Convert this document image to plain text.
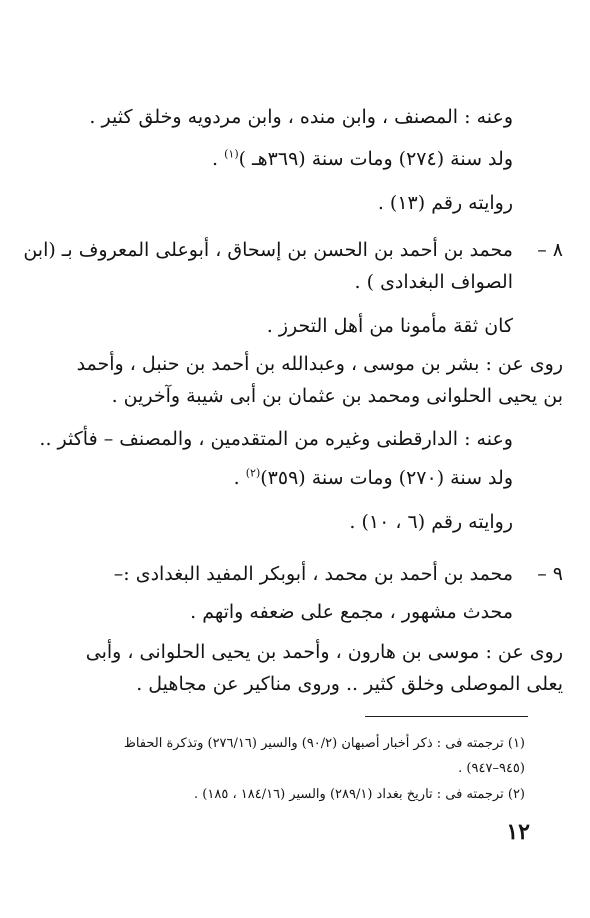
وعنه : المصنف ، وابن منده ، وابن مردويه وخلق كثير .
ولد سنة (٢٧٤) ومات سنة (٣٦٩هـ )$^{(١)}$ .
روايته رقم (١٣) .
٨ –
محمد بن أحمد بن الحسن بن إسحاق ، أبوعلى المعروف بـ (ابن
الصواف البغدادى ) .
كان ثقة مأمونا من أهل التحرز .
روى عن : بشر بن موسى ، وعبدالله بن أحمد بن حنبل ، وأحمد
بن يحيى الحلوانى ومحمد بن عثمان بن أبى شيبة وآخرين .
وعنه : الدارقطنى وغيره من المتقدمين ، والمصنف – فأكثر ..
ولد سنة (٢٧٠) ومات سنة (٣٥٩)$^{(٢)}$ .
روايته رقم (٦ ، ١٠) .
٩ –
محمد بن أحمد بن محمد ، أبوبكر المفيد البغدادى :–
محدث مشهور ، مجمع على ضعفه واتهم .
روى عن : موسى بن هارون ، وأحمد بن يحيى الحلوانى ، وأبى
يعلى الموصلى وخلق كثير .. وروى مناكير عن مجاهيل .
(١) ترجمته فى : ذكر أخبار أصبهان (٩٠/٢) والسير (٢٧٦/١٦) وتذكرة الحفاظ
(٩٤٥–٩٤٧) .
(٢) ترجمته فى : تاريخ بغداد (٢٨٩/١) والسير (١٨٤/١٦ ، ١٨٥) .
١٢
